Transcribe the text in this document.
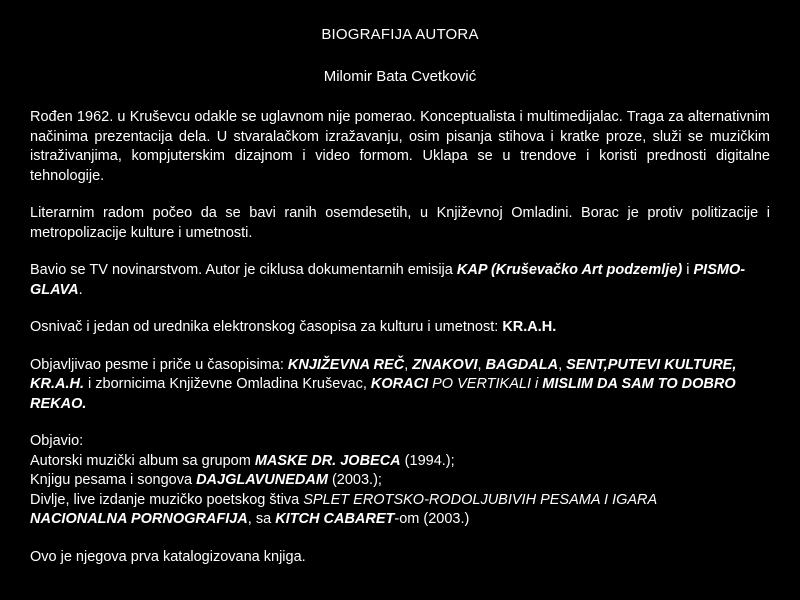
BIOGRAFIJA AUTORA
Milomir Bata Cvetković

Rođen 1962. u Kruševcu odakle se uglavnom nije pomerao. Konceptualista i multimedijalac. Traga za alternativnim načinima prezentacija dela. U stvaralačkom izražavanju, osim pisanja stihova i kratke proze, služi se muzičkim istraživanjima, kompjuterskim dizajnom i video formom. Uklapa se u trendove i koristi prednosti digitalne tehnologije.

Literarnim radom počeo da se bavi ranih osemdesetih, u Književnoj Omladini. Borac je protiv politizacije i metropolizacije kulture i umetnosti.

Bavio se TV novinarstvom. Autor je ciklusa dokumentarnih emisija KAP (Kruševačko Art podzemlje) i PISMO-GLAVA.

Osnivač i jedan od urednika elektronskog časopisa za kulturu i umetnost: KR.A.H.

Objavljivao pesme i priče u časopisima: KNJIŽEVNA REČ, ZNAKOVI, BAGDALA, SENT,PUTEVI KULTURE, KR.A.H. i zbornicima Književne Omladina Kruševac, KORACI PO VERTIKALI i MISLIM DA SAM TO DOBRO REKAO.

Objavio:
Autorski muzički album sa grupom MASKE DR. JOBECA (1994.);
Knjigu pesama i songova DAJGLAVUNEDAM (2003.);
Divlje, live izdanje muzičko poetskog štiva SPLET EROTSKO-RODOLJUBIVIH PESAMA I IGARA
NACIONALNA PORNOGRAFIJA, sa KITCH CABARET-om (2003.)

Ovo je njegova prva katalogizovana knjiga.
